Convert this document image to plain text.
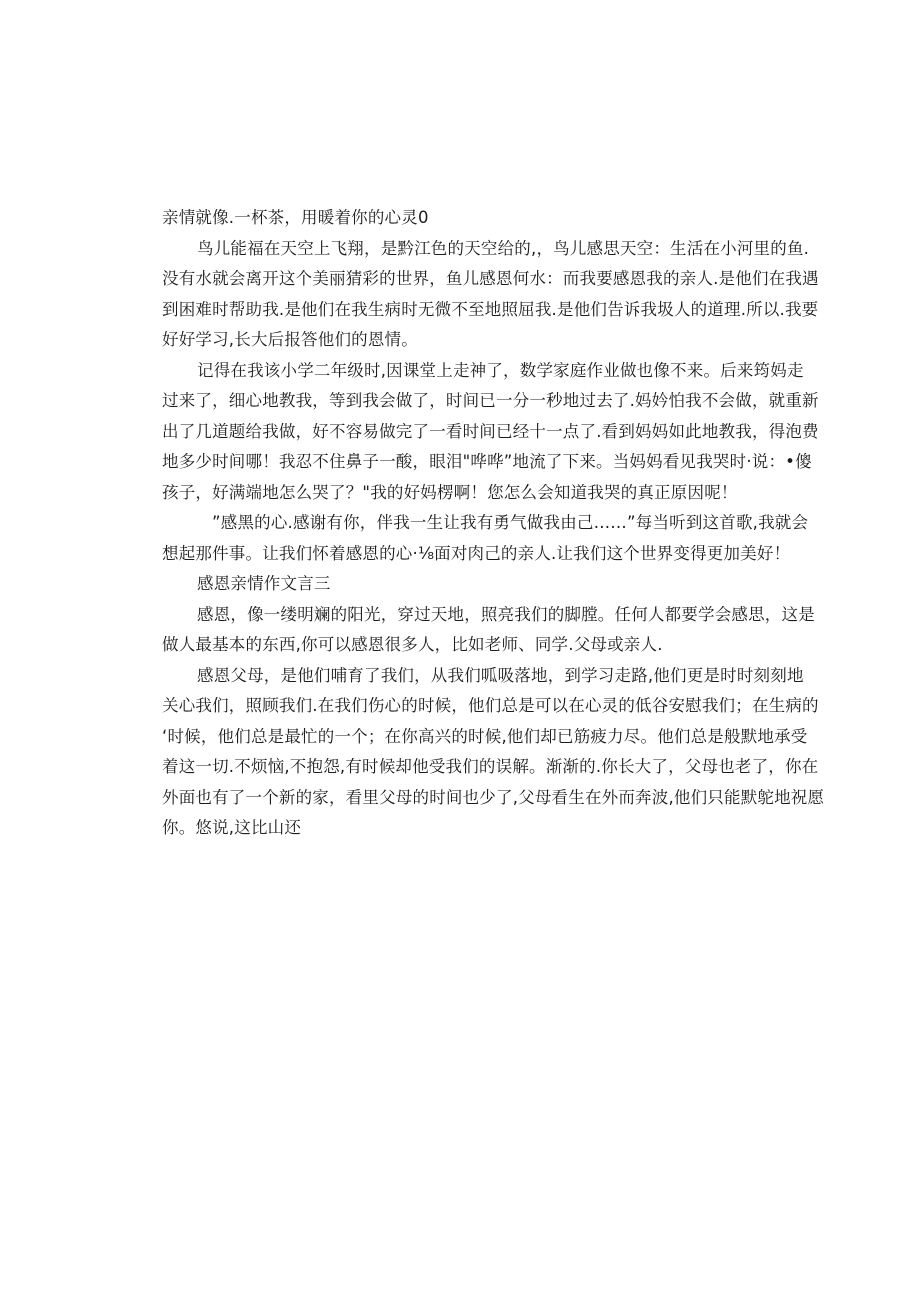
亲情就像.一杯茶，用暖着你的心灵0
鸟儿能福在天空上飞翔，是黔江色的天空给的,，鸟儿感思天空：生活在小河里的鱼.
没有水就会离开这个美丽猜彩的世界，鱼儿感恩何水：而我要感恩我的亲人.是他们在我遇
到困难时帮助我.是他们在我生病时无微不至地照屈我.是他们告诉我圾人的道理.所以.我要
好好学习,长大后报答他们的恩情。
记得在我该小学二年级时,因课堂上走神了，数学家庭作业做也像不来。后来筠妈走
过来了，细心地教我，等到我会做了，时间已一分一秒地过去了.妈妗怕我不会做，就重新
出了几道题给我做，好不容易做完了一看时间已经十一点了.看到妈妈如此地教我，得泡费
地多少时间哪！我忍不住鼻子一酸，眼泪"哗哗”地流了下来。当妈妈看见我哭时·说：•傻
孩子，好满端地怎么哭了？"我的好妈楞啊！您怎么会知道我哭的真正原因呢！
”感黑的心.感谢有你，伴我一生让我有勇气做我由己……”每当听到这首歌,我就会
想起那件事。让我们怀着感恩的心·⅛面对肉己的亲人.让我们这个世界变得更加美好！
感恩亲情作文言三
感恩，像一缕明斓的阳光，穿过天地，照亮我们的脚膛。任何人都要学会感思，这是
做人最基本的东西,你可以感恩很多人，比如老师、同学.父母或亲人.
感恩父母，是他们哺育了我们，从我们呱吸落地，到学习走路,他们更是时时刻刻地
关心我们，照顾我们.在我们伤心的时候，他们总是可以在心灵的低谷安慰我们；在生病的
‘时候，他们总是最忙的一个；在你高兴的时候,他们却已筋疲力尽。他们总是般默地承受
着这一切.不烦恼,不抱怨,有时候却他受我们的误解。渐渐的.你长大了，父母也老了，你在
外面也有了一个新的家，看里父母的时间也少了,父母看生在外而奔波,他们只能默鸵地祝愿
你。悠说,这比山还
